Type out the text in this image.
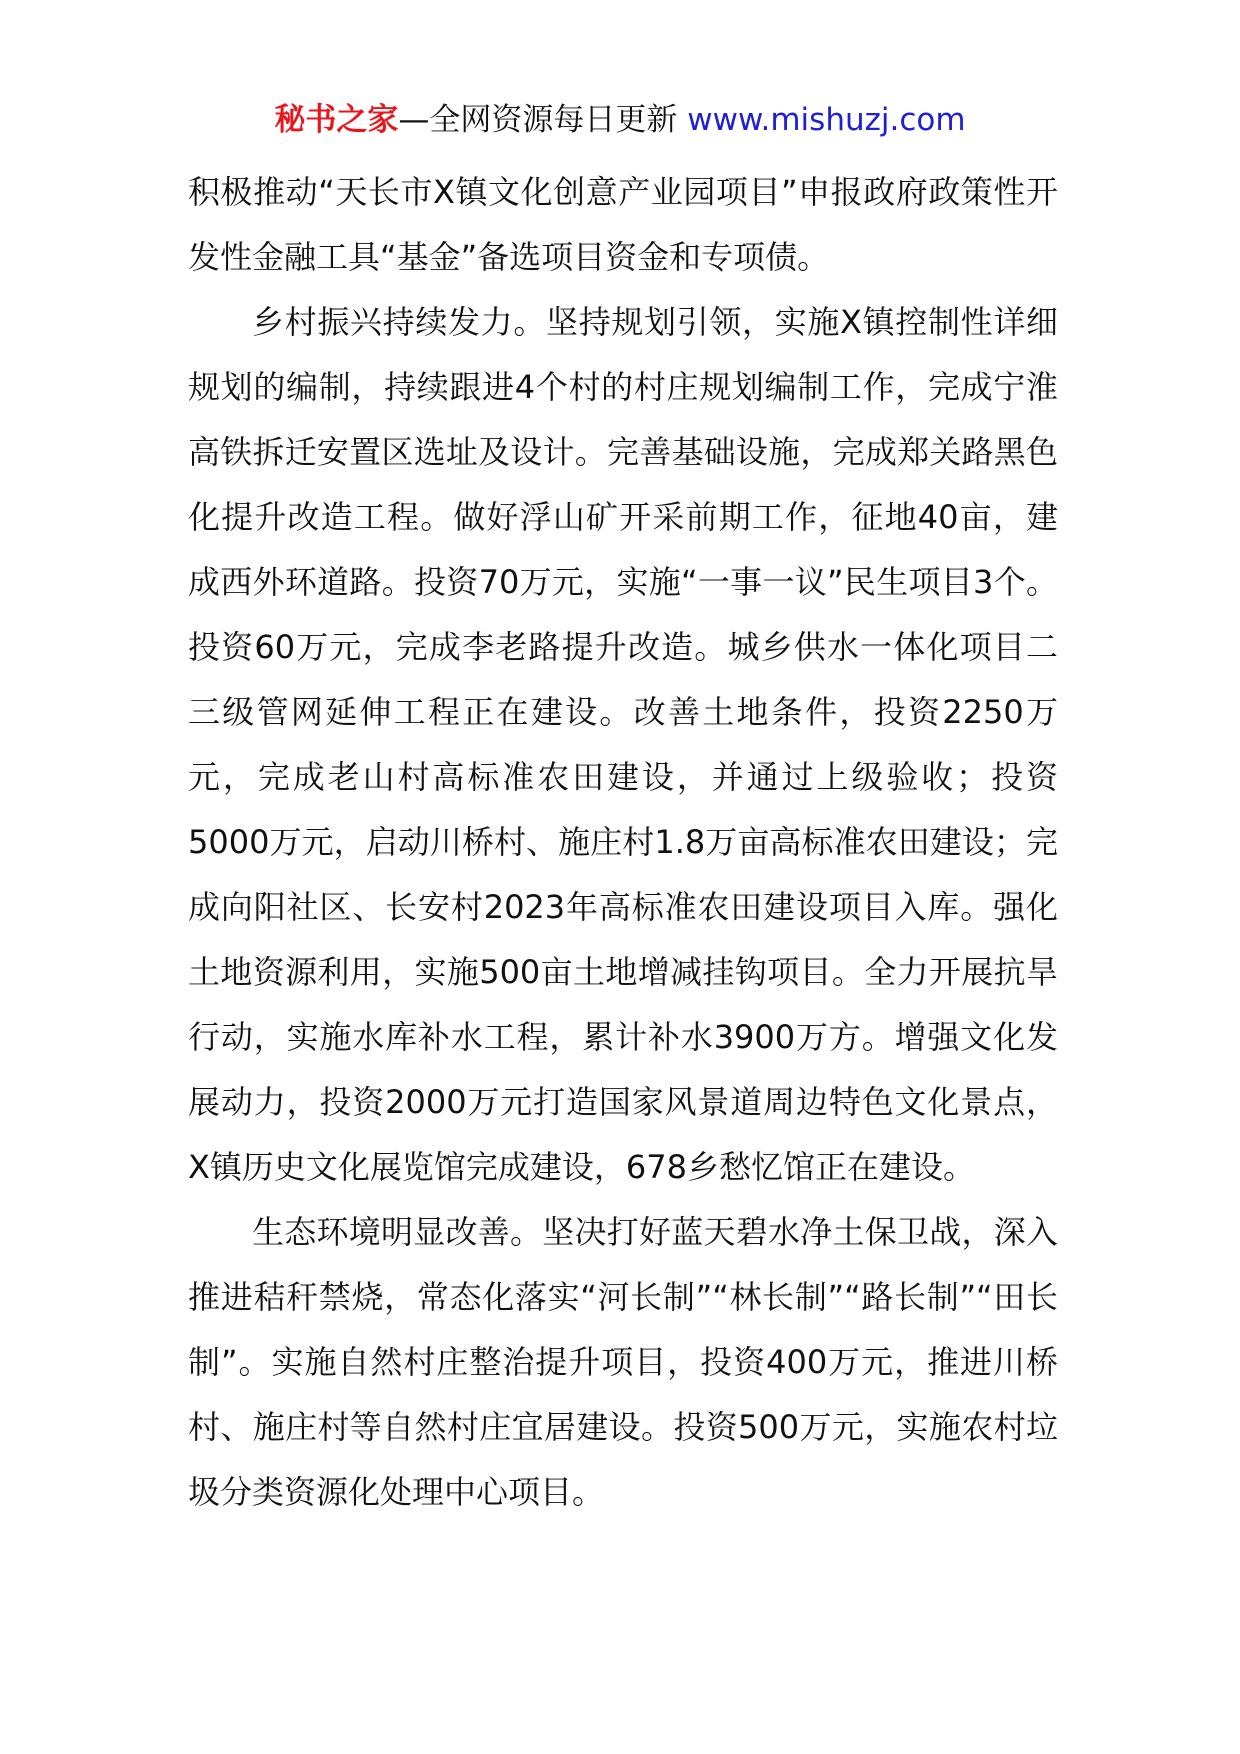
秘书之家—全网资源每日更新 www.mishuzj.com

积极推动“天长市X镇文化创意产业园项目”申报政府政策性开发性金融工具“基金”备选项目资金和专项债。

乡村振兴持续发力。坚持规划引领，实施X镇控制性详细规划的编制，持续跟进4个村的村庄规划编制工作，完成宁淮高铁拆迁安置区选址及设计。完善基础设施，完成郑关路黑色化提升改造工程。做好浮山矿开采前期工作，征地40亩，建成西外环道路。投资70万元，实施“一事一议”民生项目3个。投资60万元，完成李老路提升改造。城乡供水一体化项目二三级管网延伸工程正在建设。改善土地条件，投资2250万元，完成老山村高标准农田建设，并通过上级验收；投资5000万元，启动川桥村、施庄村1.8万亩高标准农田建设；完成向阳社区、长安村2023年高标准农田建设项目入库。强化土地资源利用，实施500亩土地增减挂钩项目。全力开展抗旱行动，实施水库补水工程，累计补水3900万方。增强文化发展动力，投资2000万元打造国家风景道周边特色文化景点，X镇历史文化展览馆完成建设，678乡愁忆馆正在建设。

生态环境明显改善。坚决打好蓝天碧水净土保卫战，深入推进秸秆禁烧，常态化落实“河长制”“林长制”“路长制”“田长制”。实施自然村庄整治提升项目，投资400万元，推进川桥村、施庄村等自然村庄宜居建设。投资500万元，实施农村垃圾分类资源化处理中心项目。
